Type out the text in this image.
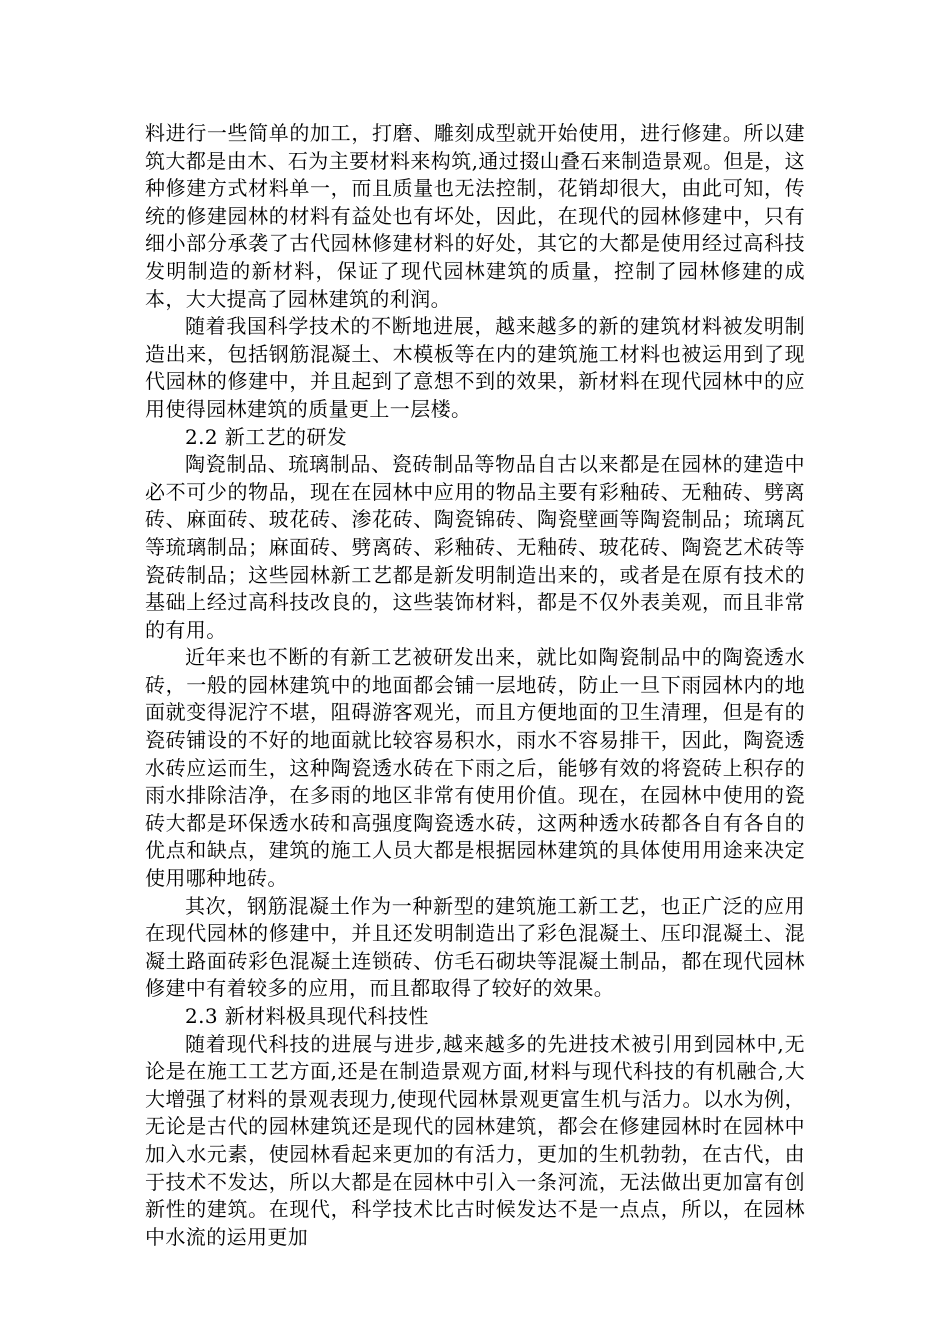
料进行一些简单的加工，打磨、雕刻成型就开始使用，进行修建。所以建筑大都是由木、石为主要材料来构筑,通过掇山叠石来制造景观。但是，这种修建方式材料单一，而且质量也无法控制，花销却很大，由此可知，传统的修建园林的材料有益处也有坏处，因此，在现代的园林修建中，只有细小部分承袭了古代园林修建材料的好处，其它的大都是使用经过高科技发明制造的新材料，保证了现代园林建筑的质量，控制了园林修建的成本，大大提高了园林建筑的利润。

随着我国科学技术的不断地进展，越来越多的新的建筑材料被发明制造出来，包括钢筋混凝土、木模板等在内的建筑施工材料也被运用到了现代园林的修建中，并且起到了意想不到的效果，新材料在现代园林中的应用使得园林建筑的质量更上一层楼。

2.2 新工艺的研发

陶瓷制品、琉璃制品、瓷砖制品等物品自古以来都是在园林的建造中必不可少的物品，现在在园林中应用的物品主要有彩釉砖、无釉砖、劈离砖、麻面砖、玻花砖、渗花砖、陶瓷锦砖、陶瓷壁画等陶瓷制品；琉璃瓦等琉璃制品；麻面砖、劈离砖、彩釉砖、无釉砖、玻花砖、陶瓷艺术砖等瓷砖制品；这些园林新工艺都是新发明制造出来的，或者是在原有技术的基础上经过高科技改良的，这些装饰材料，都是不仅外表美观，而且非常的有用。

近年来也不断的有新工艺被研发出来，就比如陶瓷制品中的陶瓷透水砖，一般的园林建筑中的地面都会铺一层地砖，防止一旦下雨园林内的地面就变得泥泞不堪，阻碍游客观光，而且方便地面的卫生清理，但是有的瓷砖铺设的不好的地面就比较容易积水，雨水不容易排干，因此，陶瓷透水砖应运而生，这种陶瓷透水砖在下雨之后，能够有效的将瓷砖上积存的雨水排除洁净，在多雨的地区非常有使用价值。现在，在园林中使用的瓷砖大都是环保透水砖和高强度陶瓷透水砖，这两种透水砖都各自有各自的优点和缺点，建筑的施工人员大都是根据园林建筑的具体使用用途来决定使用哪种地砖。

其次，钢筋混凝土作为一种新型的建筑施工新工艺，也正广泛的应用在现代园林的修建中，并且还发明制造出了彩色混凝土、压印混凝土、混凝土路面砖彩色混凝土连锁砖、仿毛石砌块等混凝土制品，都在现代园林修建中有着较多的应用，而且都取得了较好的效果。

2.3 新材料极具现代科技性

随着现代科技的进展与进步,越来越多的先进技术被引用到园林中,无论是在施工工艺方面,还是在制造景观方面,材料与现代科技的有机融合,大大增强了材料的景观表现力,使现代园林景观更富生机与活力。以水为例，无论是古代的园林建筑还是现代的园林建筑，都会在修建园林时在园林中加入水元素，使园林看起来更加的有活力，更加的生机勃勃，在古代，由于技术不发达，所以大都是在园林中引入一条河流，无法做出更加富有创新性的建筑。在现代，科学技术比古时候发达不是一点点，所以，在园林中水流的运用更加
